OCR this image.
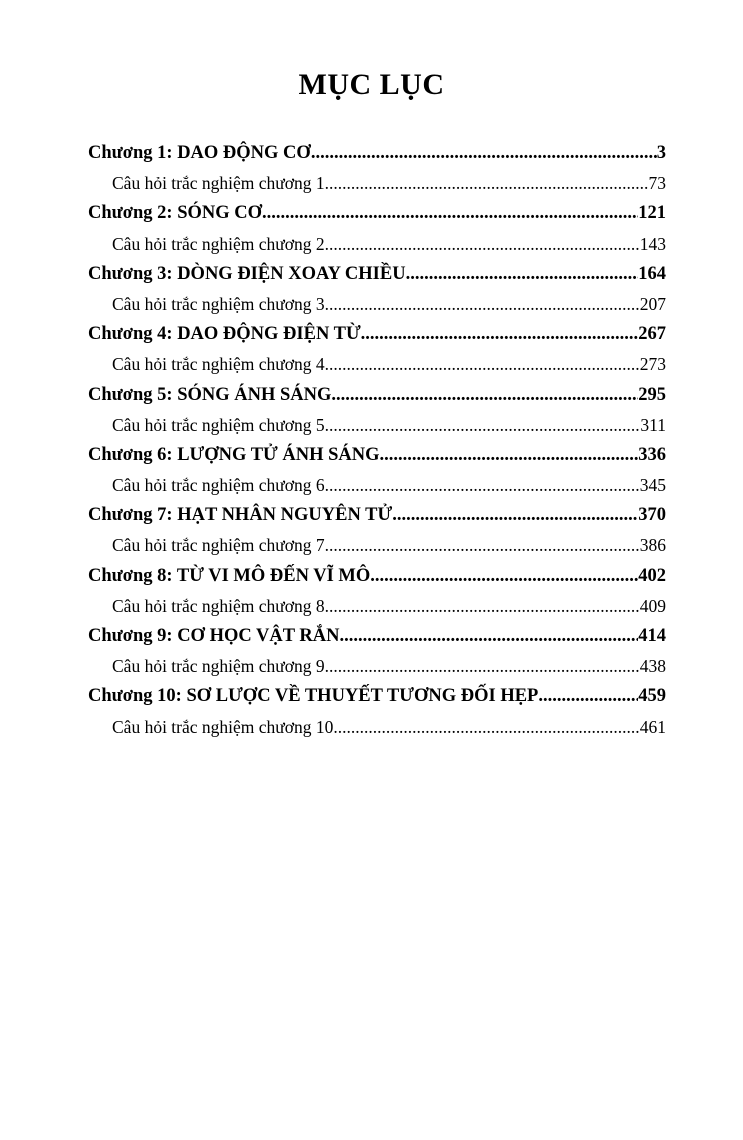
MỤC LỤC
Chương 1: DAO ĐỘNG CƠ .....	3
Câu hỏi trắc nghiệm chương 1 .....	73
Chương 2: SÓNG CƠ .....	121
Câu hỏi trắc nghiệm chương 2 .....	143
Chương 3: DÒNG ĐIỆN XOAY CHIỀU .....	164
Câu hỏi trắc nghiệm chương 3 .....	207
Chương 4: DAO ĐỘNG ĐIỆN TỪ .....	267
Câu hỏi trắc nghiệm chương 4 .....	273
Chương 5: SÓNG ÁNH SÁNG .....	295
Câu hỏi trắc nghiệm chương 5 .....	311
Chương 6: LƯỢNG TỬ ÁNH SÁNG .....	336
Câu hỏi trắc nghiệm chương 6 .....	345
Chương 7: HẠT NHÂN NGUYÊN TỬ .....	370
Câu hỏi trắc nghiệm chương 7 .....	386
Chương 8: TỪ VI MÔ ĐẾN VĨ MÔ .....	402
Câu hỏi trắc nghiệm chương 8 .....	409
Chương 9: CƠ HỌC VẬT RẮN .....	414
Câu hỏi trắc nghiệm chương 9 .....	438
Chương 10: SƠ LƯỢC VỀ THUYẾT TƯƠNG ĐỐI HẸP .....	459
Câu hỏi trắc nghiệm chương 10 .....	461
